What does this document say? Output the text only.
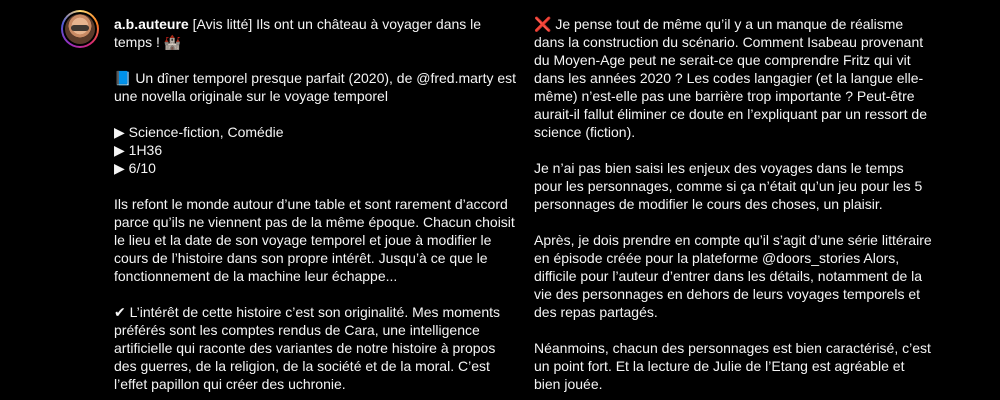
a.b.auteure [Avis litté] Ils ont un château à voyager dans le temps ! 🏰

📘 Un dîner temporel presque parfait (2020), de @fred.marty est une novella originale sur le voyage temporel

▶ Science-fiction, Comédie

▶ 1H36

▶ 6/10

Ils refont le monde autour d’une table et sont rarement d’accord parce qu’ils ne viennent pas de la même époque. Chacun choisit le lieu et la date de son voyage temporel et joue à modifier le cours de l’histoire dans son propre intérêt. Jusqu’à ce que le fonctionnement de la machine leur échappe...

✔ L’intérêt de cette histoire c’est son originalité. Mes moments préférés sont les comptes rendus de Cara, une intelligence artificielle qui raconte des variantes de notre histoire à propos des guerres, de la religion, de la société et de la moral. C’est l’effet papillon qui créer des uchronie.

❌ Je pense tout de même qu’il y a un manque de réalisme dans la construction du scénario. Comment Isabeau provenant du Moyen-Age peut ne serait-ce que comprendre Fritz qui vit dans les années 2020 ? Les codes langagier (et la langue elle-même) n’est-elle pas une barrière trop importante ? Peut-être aurait-il fallut éliminer ce doute en l’expliquant par un ressort de science (fiction).

Je n’ai pas bien saisi les enjeux des voyages dans le temps pour les personnages, comme si ça n’était qu’un jeu pour les 5 personnages de modifier le cours des choses, un plaisir.

Après, je dois prendre en compte qu’il s’agit d’une série littéraire en épisode créée pour la plateforme @doors_stories Alors, difficile pour l’auteur d’entrer dans les détails, notamment de la vie des personnages en dehors de leurs voyages temporels et des repas partagés.

Néanmoins, chacun des personnages est bien caractérisé, c’est un point fort. Et la lecture de Julie de l’Etang est agréable et bien jouée.
